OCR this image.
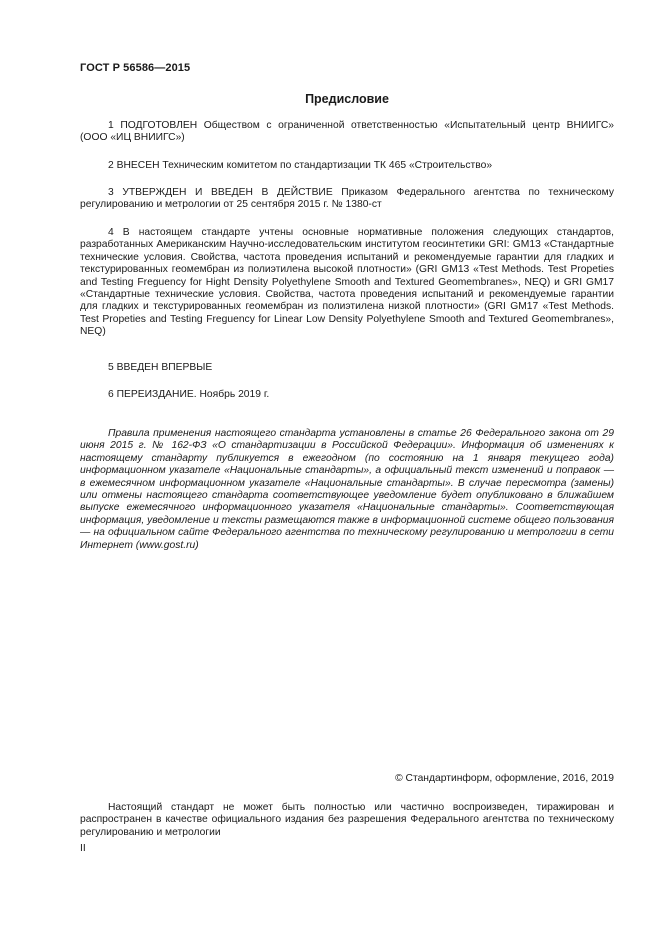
ГОСТ Р 56586—2015
Предисловие

1 ПОДГОТОВЛЕН Обществом с ограниченной ответственностью «Испытательный центр ВНИИГС» (ООО «ИЦ ВНИИГС»)

2 ВНЕСЕН Техническим комитетом по стандартизации ТК 465 «Строительство»

3 УТВЕРЖДЕН И ВВЕДЕН В ДЕЙСТВИЕ Приказом Федерального агентства по техническому регулированию и метрологии от 25 сентября 2015 г. № 1380-ст

4 В настоящем стандарте учтены основные нормативные положения следующих стандартов, разработанных Американским Научно-исследовательским институтом геосинтетики GRI: GM13 «Стандартные технические условия. Свойства, частота проведения испытаний и рекомендуемые гарантии для гладких и текстурированных геомембран из полиэтилена высокой плотности» (GRI GM13 «Test Methods. Test Propeties and Testing Freguency for Hight Density Polyethylene Smooth and Textured Geomembranes», NEQ) и GRI GM17 «Стандартные технические условия. Свойства, частота проведения испытаний и рекомендуемые гарантии для гладких и текстурированных геомембран из полиэтилена низкой плотности» (GRI GM17 «Test Methods. Test Propeties and Testing Freguency for Linear Low Density Polyethylene Smooth and Textured Geomembranes», NEQ)

5 ВВЕДЕН ВПЕРВЫЕ

6 ПЕРЕИЗДАНИЕ. Ноябрь 2019 г.

Правила применения настоящего стандарта установлены в статье 26 Федерального закона от 29 июня 2015 г. № 162-ФЗ «О стандартизации в Российской Федерации». Информация об изменениях к настоящему стандарту публикуется в ежегодном (по состоянию на 1 января текущего года) информационном указателе «Национальные стандарты», а официальный текст изменений и поправок — в ежемесячном информационном указателе «Национальные стандарты». В случае пересмотра (замены) или отмены настоящего стандарта соответствующее уведомление будет опубликовано в ближайшем выпуске ежемесячного информационного указателя «Национальные стандарты». Соответствующая информация, уведомление и тексты размещаются также в информационной системе общего пользования — на официальном сайте Федерального агентства по техническому регулированию и метрологии в сети Интернет (www.gost.ru)

© Стандартинформ, оформление, 2016, 2019

Настоящий стандарт не может быть полностью или частично воспроизведен, тиражирован и распространен в качестве официального издания без разрешения Федерального агентства по техническому регулированию и метрологии

II
